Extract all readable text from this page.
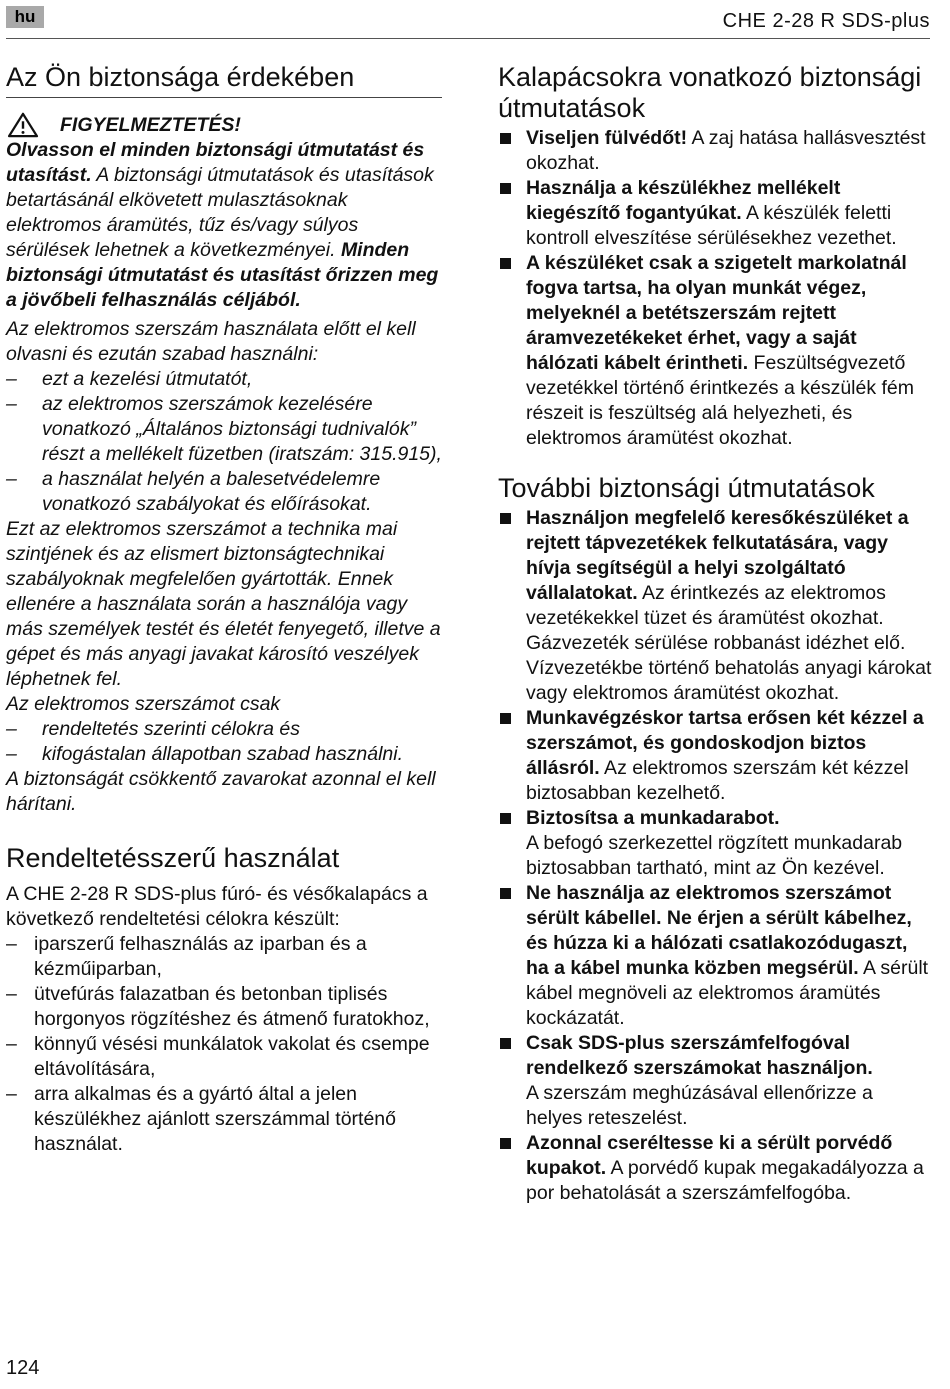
hu	CHE 2-28 R SDS-plus
Az Ön biztonsága érdekében
FIGYELMEZTETÉS!

Olvasson el minden biztonsági útmutatást és utasítást. A biztonsági útmutatások és utasítások betartásánál elkövetett mulasztásoknak elektromos áramütés, tűz és/vagy súlyos sérülések lehetnek a következményei. Minden biztonsági útmutatást és utasítást őrizzen meg a jövőbeli felhasználás céljából.

Az elektromos szerszám használata előtt el kell olvasni és ezután szabad használni:

– ezt a kezelési útmutatót,
– az elektromos szerszámok kezelésére vonatkozó „Általános biztonsági tudnivalók” részt a mellékelt füzetben (iratszám: 315.915),
– a használat helyén a balesetvédelemre vonatkozó szabályokat és előírásokat.

Ezt az elektromos szerszámot a technika mai szintjének és az elismert biztonságtechnikai szabályoknak megfelelően gyártották. Ennek ellenére a használata során a használója vagy más személyek testét és életét fenyegető, illetve a gépet és más anyagi javakat károsító veszélyek léphetnek fel.

Az elektromos szerszámot csak

– rendeltetés szerinti célokra és
– kifogástalan állapotban szabad használni.

A biztonságát csökkentő zavarokat azonnal el kell hárítani.

Rendeltetésszerű használat

A CHE 2-28 R SDS-plus fúró- és vésőkalapács a következő rendeltetési célokra készült:

– iparszerű felhasználás az iparban és a kézműiparban,
– ütvefúrás falazatban és betonban tiplisés horgonyos rögzítéshez és átmenő furatokhoz,
– könnyű vésési munkálatok vakolat és csempe eltávolítására,
– arra alkalmas és a gyártó által a jelen készülékhez ajánlott szerszámmal történő használat.
Kalapácsokra vonatkozó biztonsági útmutatások
Viseljen fülvédőt! A zaj hatása hallásvesztést okozhat.
Használja a készülékhez mellékelt kiegészítő fogantyúkat. A készülék feletti kontroll elveszítése sérülésekhez vezethet.
A készüléket csak a szigetelt markolatnál fogva tartsa, ha olyan munkát végez, melyeknél a betétszerszám rejtett áramvezetékeket érhet, vagy a saját hálózati kábelt érintheti. Feszültségvezető vezetékkel történő érintkezés a készülék fém részeit is feszültség alá helyezheti, és elektromos áramütést okozhat.
További biztonsági útmutatások
Használjon megfelelő keresőkészüléket a rejtett tápvezetékek felkutatására, vagy hívja segítségül a helyi szolgáltató vállalatokat. Az érintkezés az elektromos vezetékekkel tüzet és áramütést okozhat.
Gázvezeték sérülése robbanást idézhet elő. Vízvezetékbe történő behatolás anyagi károkat vagy elektromos áramütést okozhat.
Munkavégzéskor tartsa erősen két kézzel a szerszámot, és gondoskodjon biztos állásról. Az elektromos szerszám két kézzel biztosabban kezelhető.
Biztosítsa a munkadarabot.
A befogó szerkezettel rögzített munkadarab biztosabban tartható, mint az Ön kezével.
Ne használja az elektromos szerszámot sérült kábellel. Ne érjen a sérült kábelhez, és húzza ki a hálózati csatlakozódugaszt, ha a kábel munka közben megsérül. A sérült kábel megnöveli az elektromos áramütés kockázatát.
Csak SDS-plus szerszámfelfogóval rendelkező szerszámokat használjon.
A szerszám meghúzásával ellenőrizze a helyes reteszelést.
Azonnal cseréltesse ki a sérült porvédő kupakot. A porvédő kupak megakadályozza a por behatolását a szerszámfelfogóba.
124
